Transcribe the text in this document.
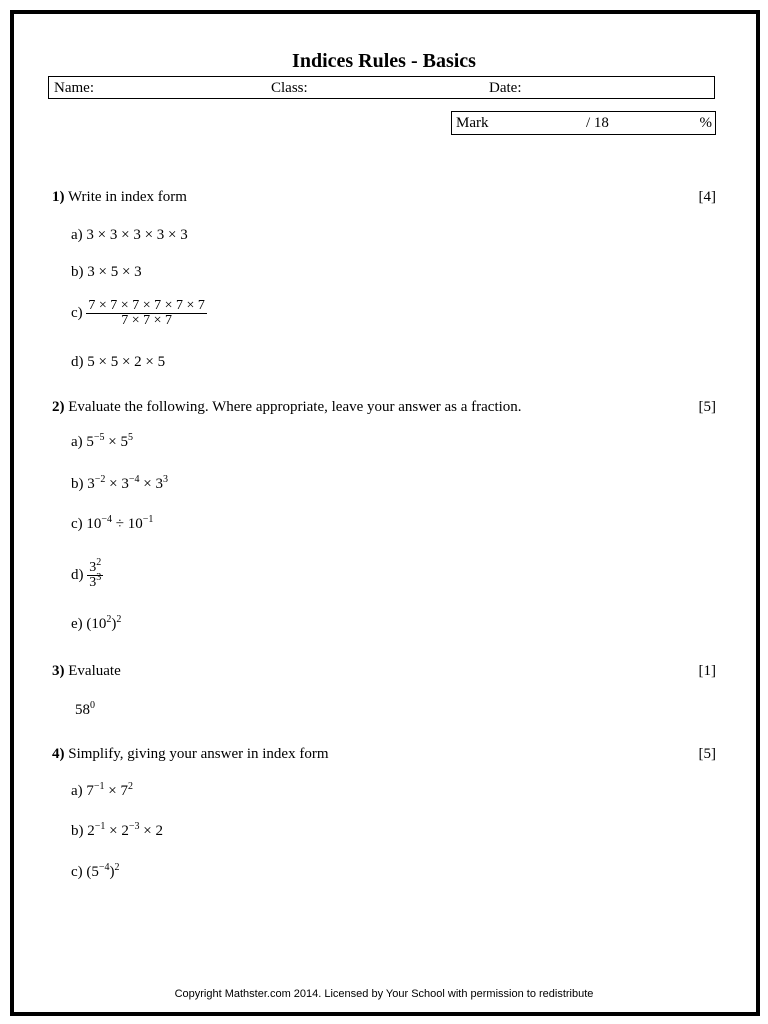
Indices Rules - Basics
Name:	Class:	Date:
Mark	/ 18	%
1) Write in index form	[4]
a) 3 × 3 × 3 × 3 × 3
b) 3 × 5 × 3
$c) \frac{7 \times 7 \times 7 \times 7 \times 7 \times 7}{7 \times 7 \times 7}$
d) 5 × 5 × 2 × 5
2) Evaluate the following. Where appropriate, leave your answer as a fraction.	[5]
a) $5^{-5} \times 5^5$
b) $3^{-2} \times 3^{-4} \times 3^3$
c) $10^{-4} \div 10^{-1}$
$d) \frac{3^2}{3^3}$
e) $(10^2)^2$
3) Evaluate	[1]
$58^0$
4) Simplify, giving your answer in index form	[5]
a) $7^{-1} \times 7^2$
b) $2^{-1} \times 2^{-3} \times 2$
c) $(5^{-4})^2$
Copyright Mathster.com 2014. Licensed by Your School with permission to redistribute
